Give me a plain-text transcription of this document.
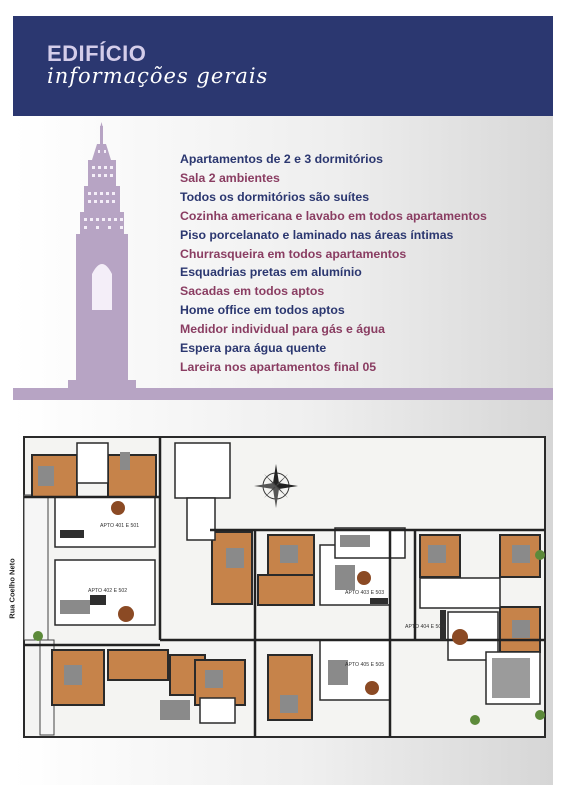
EDIFÍCIO
informações gerais
Apartamentos de 2 e 3 dormitórios
Sala 2 ambientes
Todos os dormitórios são suítes
Cozinha americana e lavabo em todos apartamentos
Piso porcelanato e laminado nas áreas íntimas
Churrasqueira em todos apartamentos
Esquadrias pretas em alumínio
Sacadas em todos aptos
Home office em todos aptos
Medidor individual para gás e água
Espera para água quente
Lareira nos apartamentos final 05
Rua Coelho Neto
APTO 401 E 501
APTO 402 E 502	APTO 403 E 503
APTO 404 E 504
APTO 405 E 505
